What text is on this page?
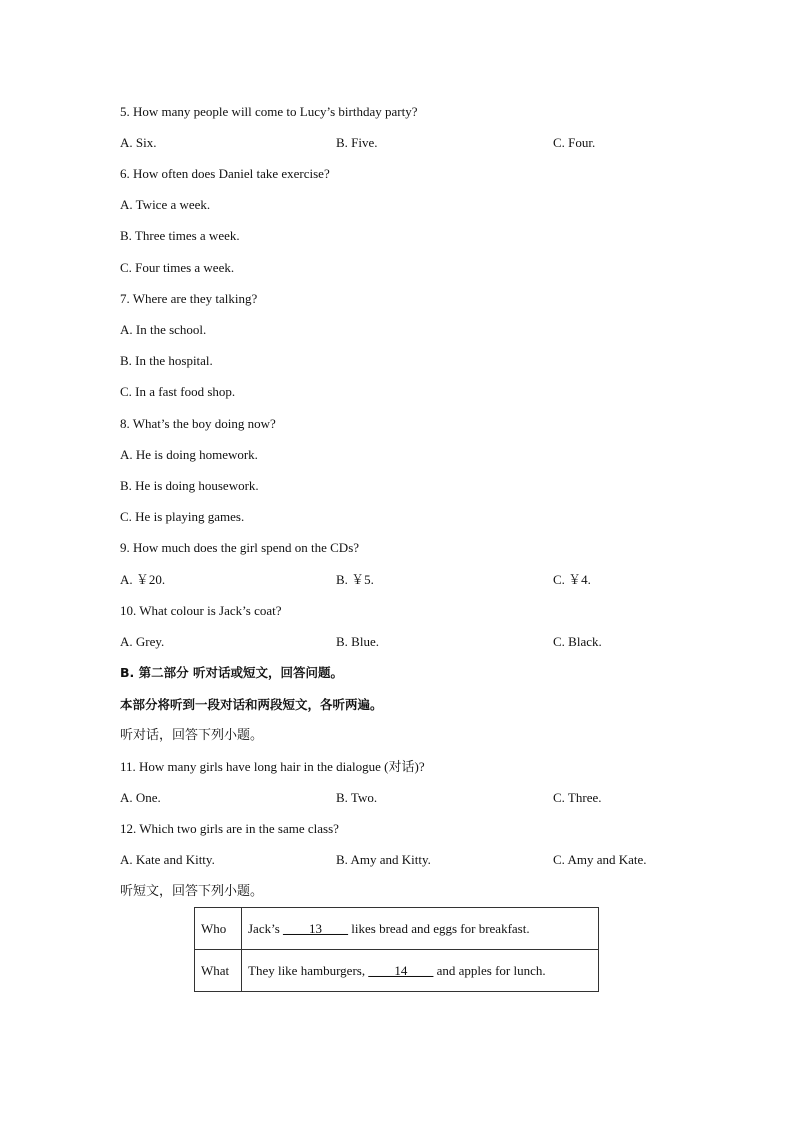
5. How many people will come to Lucy’s birthday party?
A. Six.	B. Five.	C. Four.
6. How often does Daniel take exercise?
A. Twice a week.
B. Three times a week.
C. Four times a week.
7. Where are they talking?
A. In the school.
B. In the hospital.
C. In a fast food shop.
8. What’s the boy doing now?
A. He is doing homework.
B. He is doing housework.
C. He is playing games.
9. How much does the girl spend on the CDs?
A. ￥20.	B. ￥5.	C. ￥4.
10. What colour is Jack’s coat?
A. Grey.	B. Blue.	C. Black.
B. 第二部分 听对话或短文，回答问题。
本部分将听到一段对话和两段短文，各听两遍。
听对话，回答下列小题。
11. How many girls have long hair in the dialogue (对话)?
A. One.	B. Two.	C. Three.
12. Which two girls are in the same class?
A. Kate and Kitty.	B. Amy and Kitty.	C. Amy and Kate.
听短文，回答下列小题。
Who	Jack’s ____13____ likes bread and eggs for breakfast.
What	They like hamburgers, ____14____ and apples for lunch.
